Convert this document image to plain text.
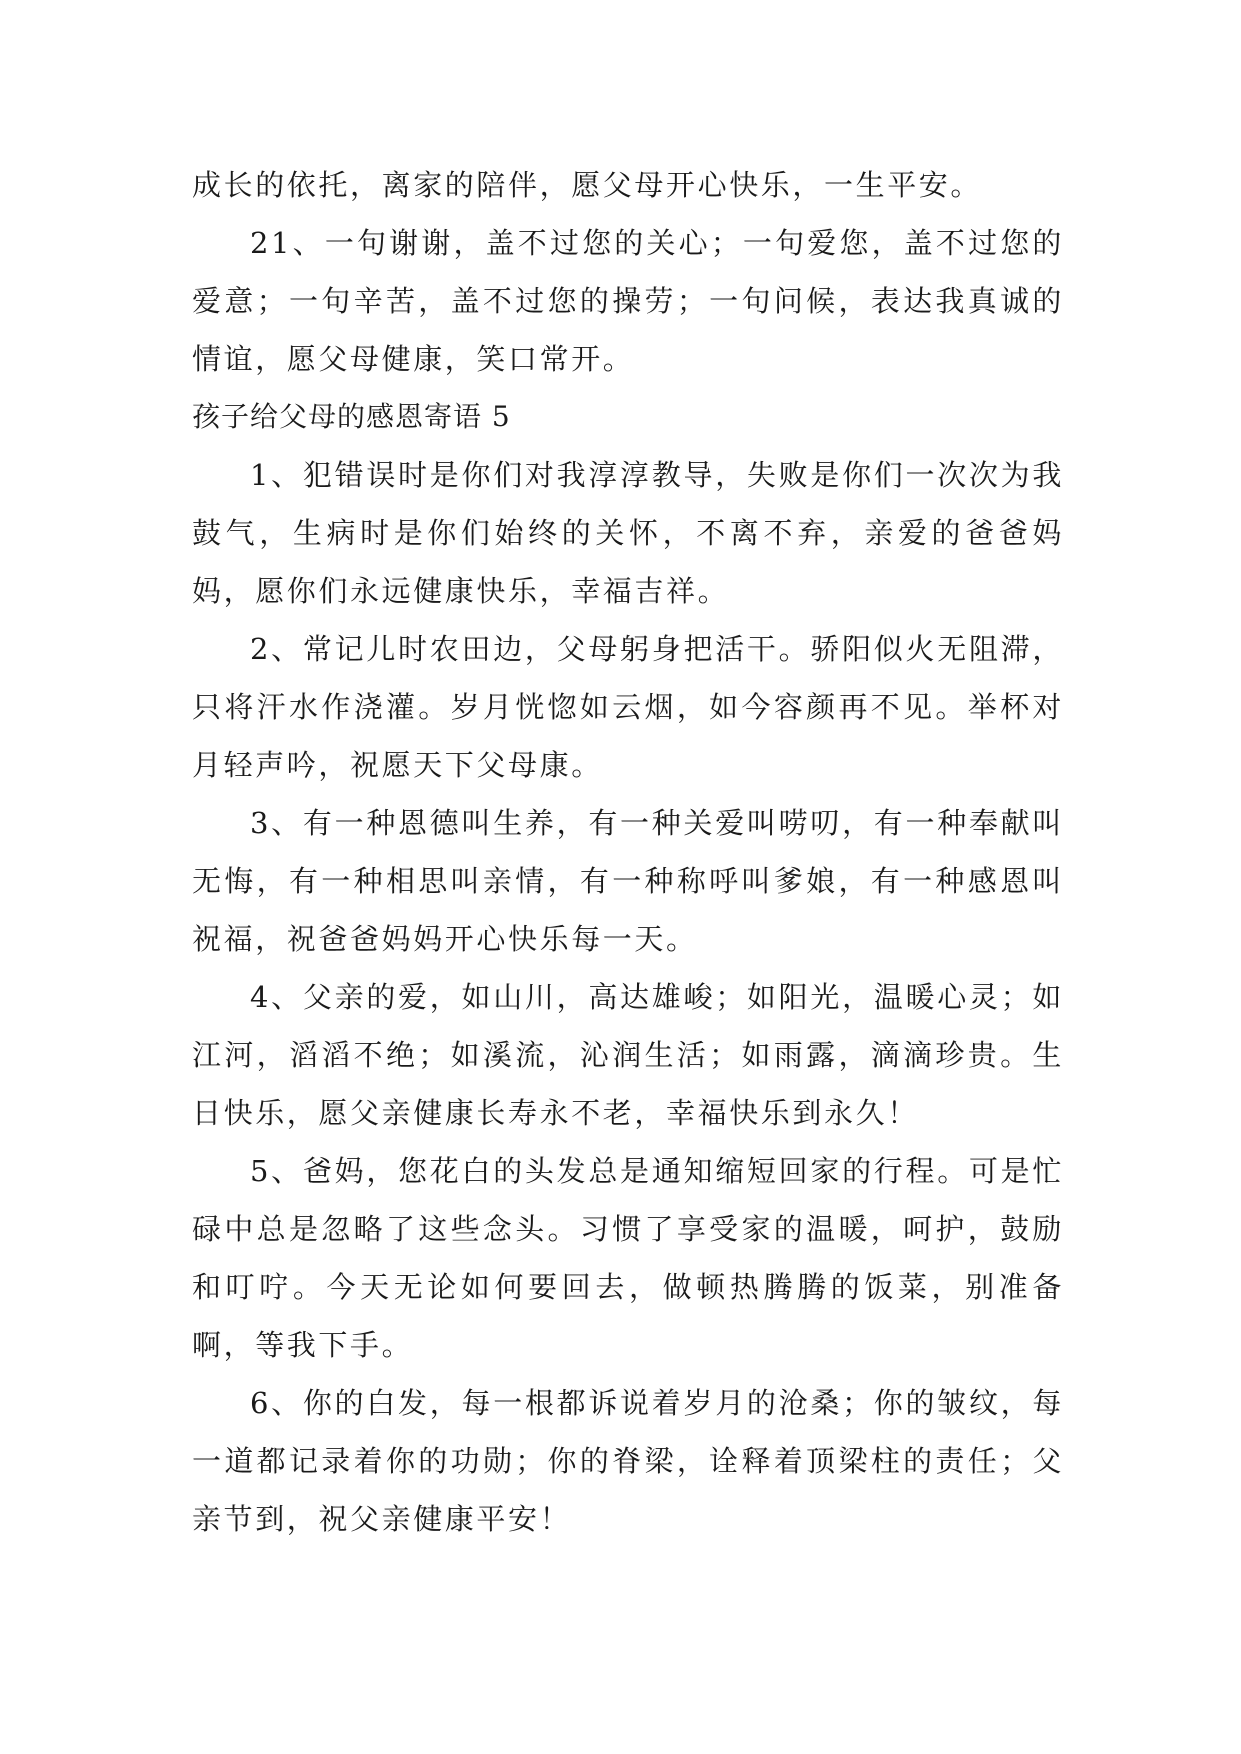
成长的依托，离家的陪伴，愿父母开心快乐，一生平安。

21、一句谢谢，盖不过您的关心；一句爱您，盖不过您的爱意；一句辛苦，盖不过您的操劳；一句问候，表达我真诚的情谊，愿父母健康，笑口常开。

孩子给父母的感恩寄语 5

1、犯错误时是你们对我淳淳教导，失败是你们一次次为我鼓气，生病时是你们始终的关怀，不离不弃，亲爱的爸爸妈妈，愿你们永远健康快乐，幸福吉祥。

2、常记儿时农田边，父母躬身把活干。骄阳似火无阻滞，只将汗水作浇灌。岁月恍惚如云烟，如今容颜再不见。举杯对月轻声吟，祝愿天下父母康。

3、有一种恩德叫生养，有一种关爱叫唠叨，有一种奉献叫无悔，有一种相思叫亲情，有一种称呼叫爹娘，有一种感恩叫祝福，祝爸爸妈妈开心快乐每一天。

4、父亲的爱，如山川，高达雄峻；如阳光，温暖心灵；如江河，滔滔不绝；如溪流，沁润生活；如雨露，滴滴珍贵。生日快乐，愿父亲健康长寿永不老，幸福快乐到永久！

5、爸妈，您花白的头发总是通知缩短回家的行程。可是忙碌中总是忽略了这些念头。习惯了享受家的温暖，呵护，鼓励和叮咛。今天无论如何要回去，做顿热腾腾的饭菜，别准备啊，等我下手。

6、你的白发，每一根都诉说着岁月的沧桑；你的皱纹，每一道都记录着你的功勋；你的脊梁，诠释着顶梁柱的责任；父亲节到，祝父亲健康平安！
